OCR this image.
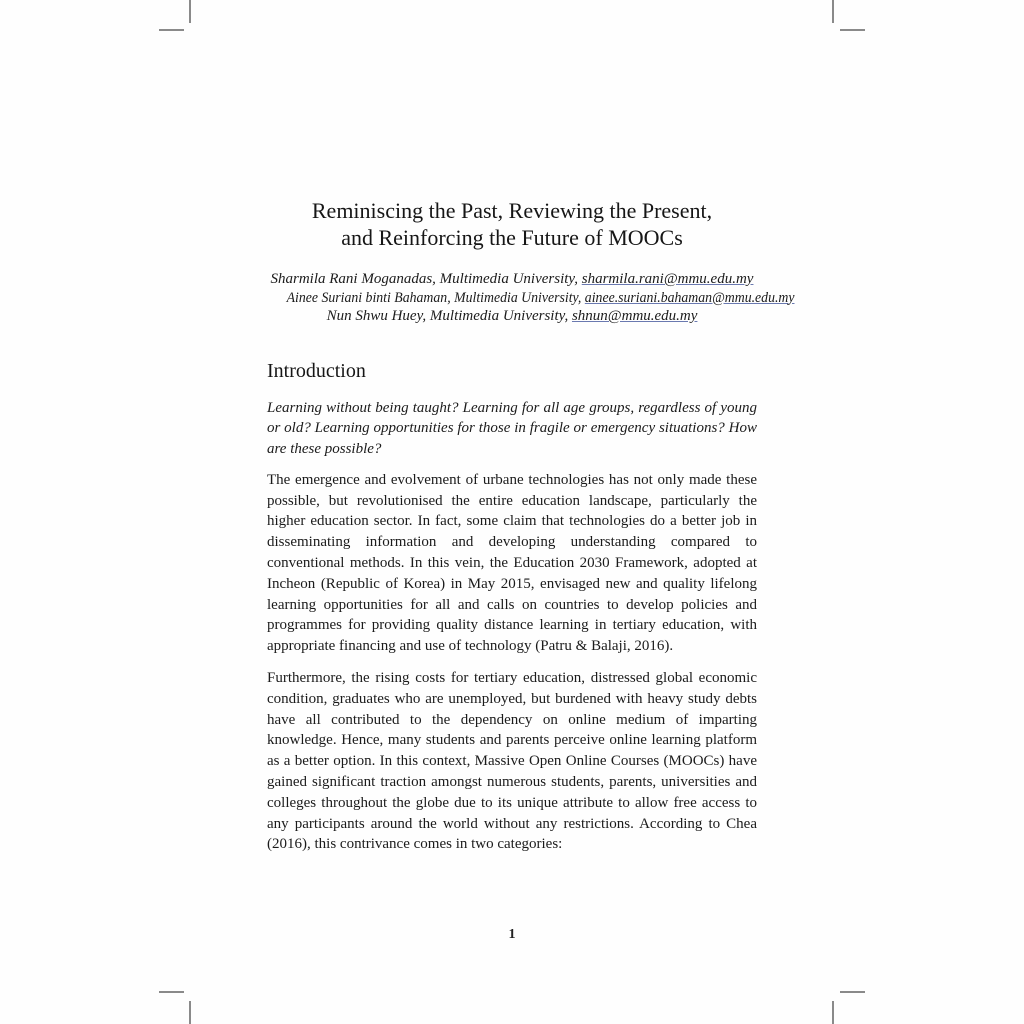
Reminiscing the Past, Reviewing the Present,
and Reinforcing the Future of MOOCs
Sharmila Rani Moganadas, Multimedia University, sharmila.rani@mmu.edu.my
Ainee Suriani binti Bahaman, Multimedia University, ainee.suriani.bahaman@mmu.edu.my
Nun Shwu Huey, Multimedia University, shnun@mmu.edu.my
Introduction

Learning without being taught? Learning for all age groups, regardless of young or old? Learning opportunities for those in fragile or emergency situations? How are these possible?

The emergence and evolvement of urbane technologies has not only made these possible, but revolutionised the entire education landscape, particularly the higher education sector. In fact, some claim that technologies do a better job in disseminating information and developing understanding compared to conventional methods. In this vein, the Education 2030 Framework, adopted at Incheon (Republic of Korea) in May 2015, envisaged new and quality lifelong learning opportunities for all and calls on countries to develop policies and programmes for providing quality distance learning in tertiary education, with appropriate financing and use of technology (Patru & Balaji, 2016).

Furthermore, the rising costs for tertiary education, distressed global economic condition, graduates who are unemployed, but burdened with heavy study debts have all contributed to the dependency on online medium of imparting knowledge. Hence, many students and parents perceive online learning platform as a better option. In this context, Massive Open Online Courses (MOOCs) have gained significant traction amongst numerous students, parents, universities and colleges throughout the globe due to its unique attribute to allow free access to any participants around the world without any restrictions. According to Chea (2016), this contrivance comes in two categories:

1
